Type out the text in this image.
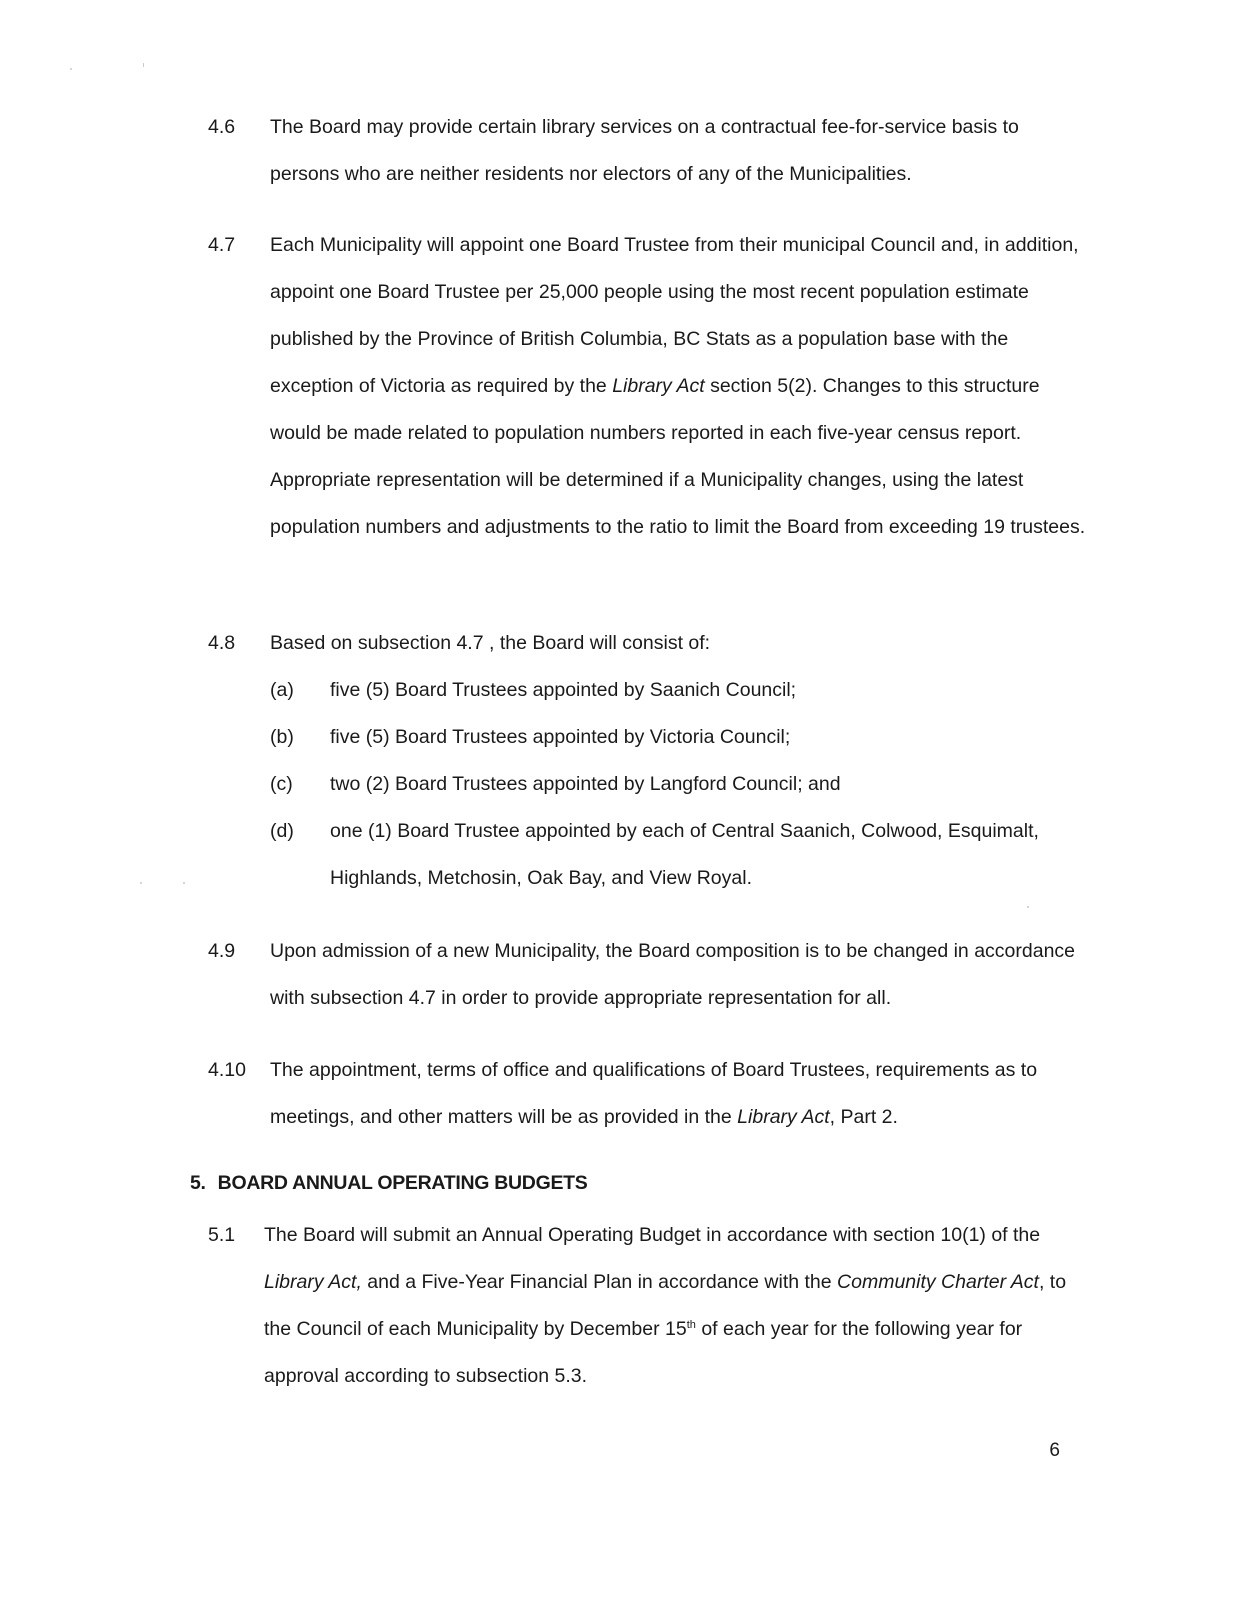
4.6 The Board may provide certain library services on a contractual fee-for-service basis to persons who are neither residents nor electors of any of the Municipalities.
4.7 Each Municipality will appoint one Board Trustee from their municipal Council and, in addition, appoint one Board Trustee per 25,000 people using the most recent population estimate published by the Province of British Columbia, BC Stats as a population base with the exception of Victoria as required by the Library Act section 5(2). Changes to this structure would be made related to population numbers reported in each five-year census report. Appropriate representation will be determined if a Municipality changes, using the latest population numbers and adjustments to the ratio to limit the Board from exceeding 19 trustees.
4.8 Based on subsection 4.7 , the Board will consist of:
(a) five (5) Board Trustees appointed by Saanich Council;
(b) five (5) Board Trustees appointed by Victoria Council;
(c) two (2) Board Trustees appointed by Langford Council; and
(d) one (1) Board Trustee appointed by each of Central Saanich, Colwood, Esquimalt, Highlands, Metchosin, Oak Bay, and View Royal.
4.9 Upon admission of a new Municipality, the Board composition is to be changed in accordance with subsection 4.7 in order to provide appropriate representation for all.
4.10 The appointment, terms of office and qualifications of Board Trustees, requirements as to meetings, and other matters will be as provided in the Library Act, Part 2.
5. BOARD ANNUAL OPERATING BUDGETS
5.1 The Board will submit an Annual Operating Budget in accordance with section 10(1) of the Library Act, and a Five-Year Financial Plan in accordance with the Community Charter Act, to the Council of each Municipality by December 15th of each year for the following year for approval according to subsection 5.3.
6
